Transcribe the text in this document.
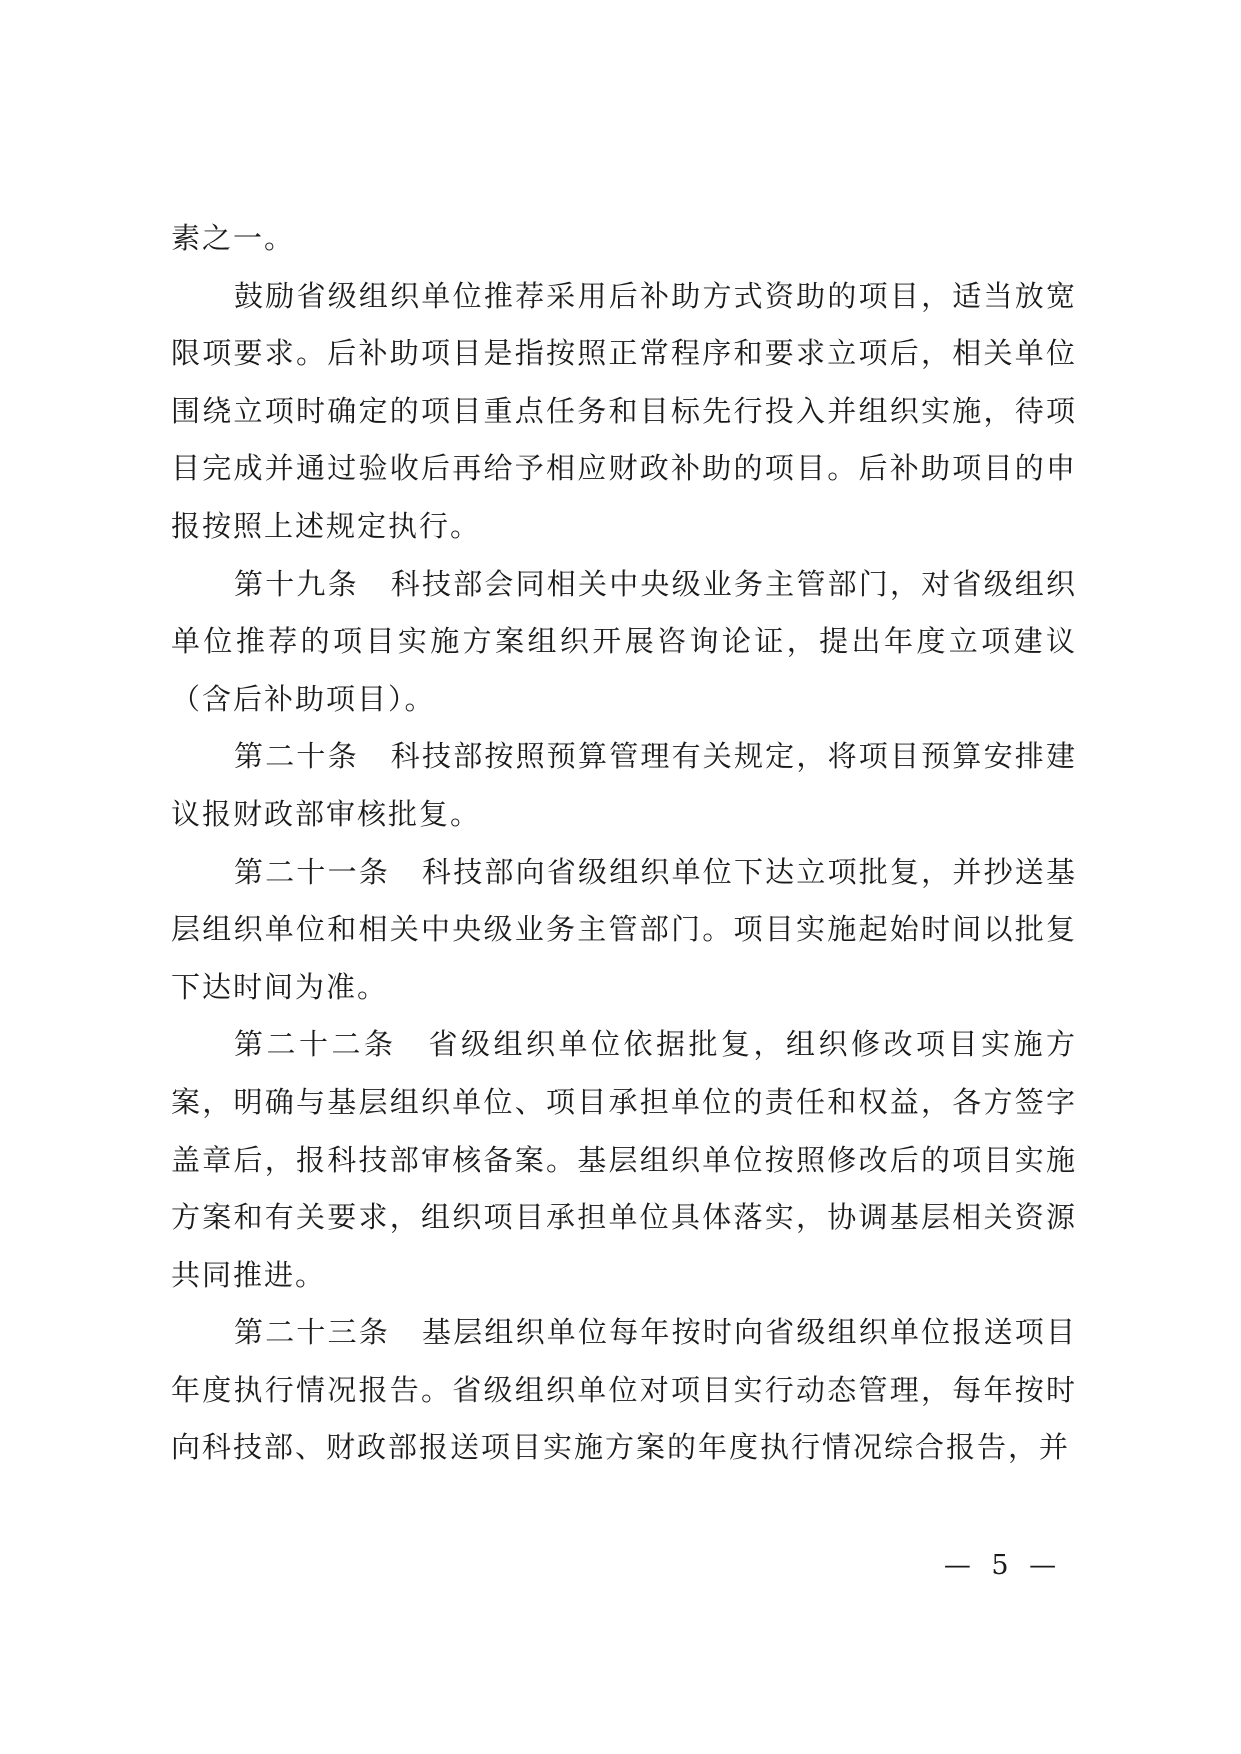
素之一。

鼓励省级组织单位推荐采用后补助方式资助的项目，适当放宽限项要求。后补助项目是指按照正常程序和要求立项后，相关单位围绕立项时确定的项目重点任务和目标先行投入并组织实施，待项目完成并通过验收后再给予相应财政补助的项目。后补助项目的申报按照上述规定执行。

第十九条 科技部会同相关中央级业务主管部门，对省级组织单位推荐的项目实施方案组织开展咨询论证，提出年度立项建议（含后补助项目）。

第二十条 科技部按照预算管理有关规定，将项目预算安排建议报财政部审核批复。

第二十一条 科技部向省级组织单位下达立项批复，并抄送基层组织单位和相关中央级业务主管部门。项目实施起始时间以批复下达时间为准。

第二十二条 省级组织单位依据批复，组织修改项目实施方案，明确与基层组织单位、项目承担单位的责任和权益，各方签字盖章后，报科技部审核备案。基层组织单位按照修改后的项目实施方案和有关要求，组织项目承担单位具体落实，协调基层相关资源共同推进。

第二十三条 基层组织单位每年按时向省级组织单位报送项目年度执行情况报告。省级组织单位对项目实行动态管理，每年按时向科技部、财政部报送项目实施方案的年度执行情况综合报告，并

— 5 —
